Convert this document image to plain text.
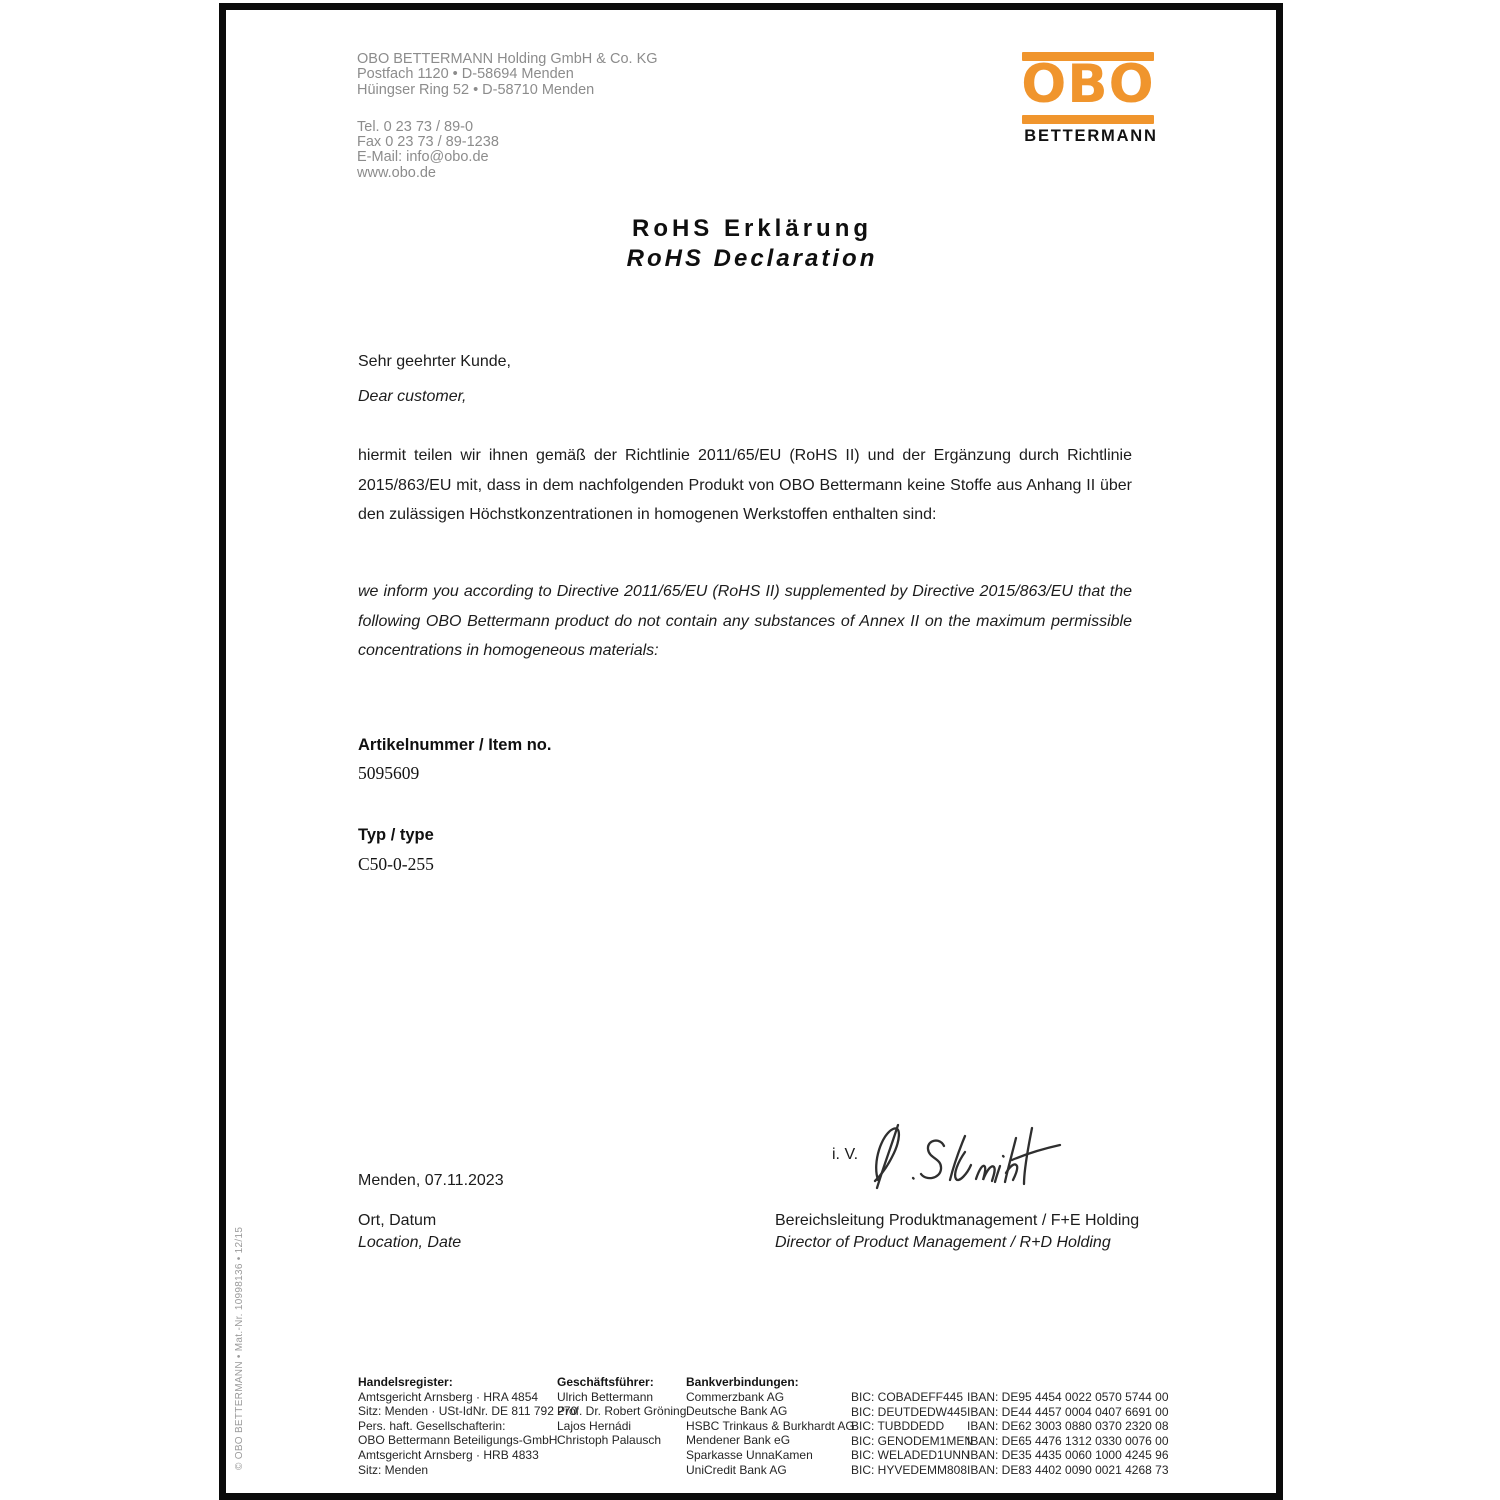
OBO BETTERMANN Holding GmbH & Co. KG
Postfach 1120 • D-58694 Menden
Hüingser Ring 52 • D-58710 Menden
Tel. 0 23 73 / 89-0
Fax 0 23 73 / 89-1238
E-Mail: info@obo.de
www.obo.de
OBO
BETTERMANN
RoHS Erklärung
RoHS Declaration
Sehr geehrter Kunde,
Dear customer,
hiermit teilen wir ihnen gemäß der Richtlinie 2011/65/EU (RoHS II) und der Ergänzung durch Richtlinie 2015/863/EU mit, dass in dem nachfolgenden Produkt von OBO Bettermann keine Stoffe aus Anhang II über den zulässigen Höchstkonzentrationen in homogenen Werkstoffen enthalten sind:
we inform you according to Directive 2011/65/EU (RoHS II) supplemented by Directive 2015/863/EU that the following OBO Bettermann product do not contain any substances of Annex II on the maximum permissible concentrations in homogeneous materials:
Artikelnummer / Item no.
5095609
Typ / type
C50-0-255
i. V.
Menden, 07.11.2023
Ort, Datum
Location, Date
Bereichsleitung Produktmanagement / F+E Holding
Director of Product Management / R+D Holding
Handelsregister:
Amtsgericht Arnsberg · HRA 4854
Sitz: Menden · USt-IdNr. DE 811 792 270
Pers. haft. Gesellschafterin:
OBO Bettermann Beteiligungs-GmbH
Amtsgericht Arnsberg · HRB 4833
Sitz: Menden
Geschäftsführer:
Ulrich Bettermann
Prof. Dr. Robert Gröning
Lajos Hernádi
Christoph Palausch
Bankverbindungen:
Commerzbank AG
Deutsche Bank AG
HSBC Trinkaus & Burkhardt AG
Mendener Bank eG
Sparkasse UnnaKamen
UniCredit Bank AG
BIC: COBADEFF445
BIC: DEUTDEDW445
BIC: TUBDDEDD
BIC: GENODEM1MEN
BIC: WELADED1UNN
BIC: HYVEDEMM808
IBAN: DE95 4454 0022 0570 5744 00
IBAN: DE44 4457 0004 0407 6691 00
IBAN: DE62 3003 0880 0370 2320 08
IBAN: DE65 4476 1312 0330 0076 00
IBAN: DE35 4435 0060 1000 4245 96
IBAN: DE83 4402 0090 0021 4268 73
© OBO BETTERMANN • Mat.-Nr. 10998136 • 12/15
